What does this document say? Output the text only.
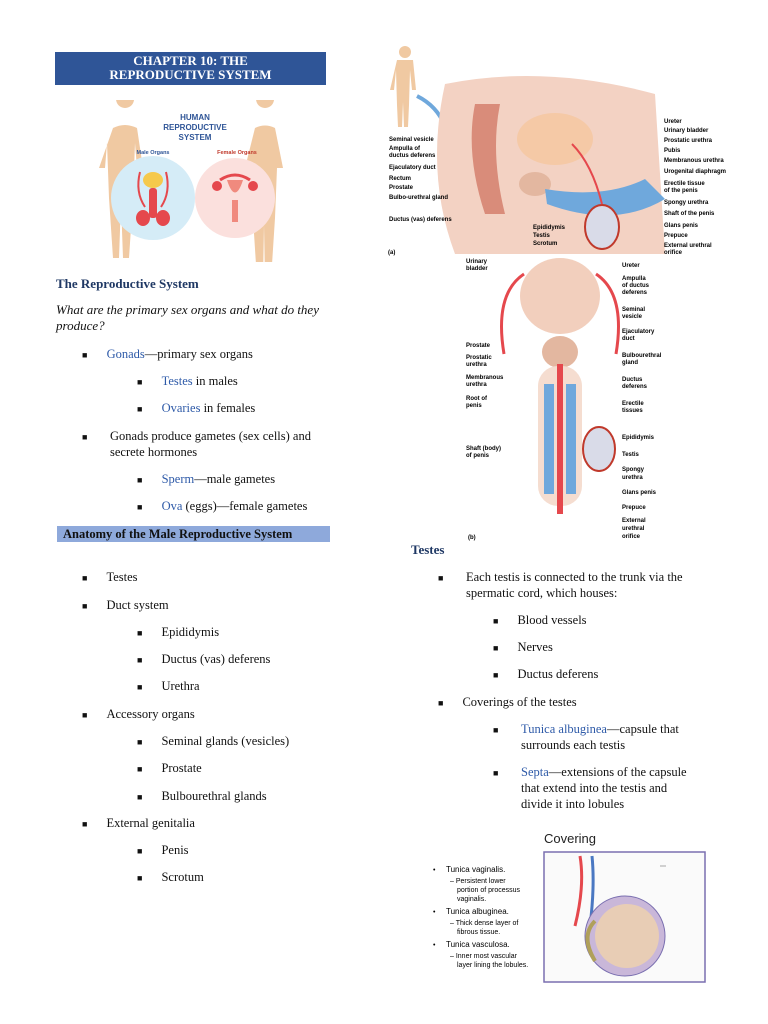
CHAPTER 10: THE
REPRODUCTIVE SYSTEM
HUMAN
REPRODUCTIVE
SYSTEM
Male Organs	Female Organs
The Reproductive System
What are the primary sex organs and what do they produce?
■ Gonads—primary sex organs
■ Testes in males
■ Ovaries in females
■ Gonads produce gametes (sex cells) and
secrete hormones
■ Sperm—male gametes
■ Ova (eggs)—female gametes
Anatomy of the Male Reproductive System
■ Testes
■ Duct system
■ Epididymis
■ Ductus (vas) deferens
■ Urethra
■ Accessory organs
■ Seminal glands (vesicles)
■ Prostate
■ Bulbourethral glands
■ External genitalia
■ Penis
■ Scrotum
Seminal vesicle
Ampulla of
ductus deferens
Ejaculatory duct
Rectum
Prostate
Bulbo-urethral gland
Ductus (vas) deferens
Epididymis
Testis
Scrotum
Ureter
Urinary bladder
Prostatic urethra
Pubis
Membranous urethra
Urogenital diaphragm
Erectile tissue
of the penis
Spongy urethra
Shaft of the penis
Glans penis
Prepuce
External urethral
orifice
(a)
Urinary
bladder
Prostate
Prostatic
urethra
Membranous
urethra
Root of
penis
Shaft (body)
of penis
Ureter
Ampulla
of ductus
deferens
Seminal
vesicle
Ejaculatory
duct
Bulbourethral
gland
Ductus
deferens
Erectile
tissues
Epididymis
Testis
Spongy
urethra
Glans penis
Prepuce
External
urethral
orifice
(b)
Testes
■ Each testis is connected to the trunk via the
spermatic cord, which houses:
■ Blood vessels
■ Nerves
■ Ductus deferens
■ Coverings of the testes
■ Tunica albuginea—capsule that
surrounds each testis
■ Septa—extensions of the capsule
that extend into the testis and
divide it into lobules
Covering
• Tunica vaginalis.
– Persistent lower
portion of processus
vaginalis.
• Tunica albuginea.
– Thick dense layer of
fibrous tissue.
• Tunica vasculosa.
– Inner most vascular
layer lining the lobules.
